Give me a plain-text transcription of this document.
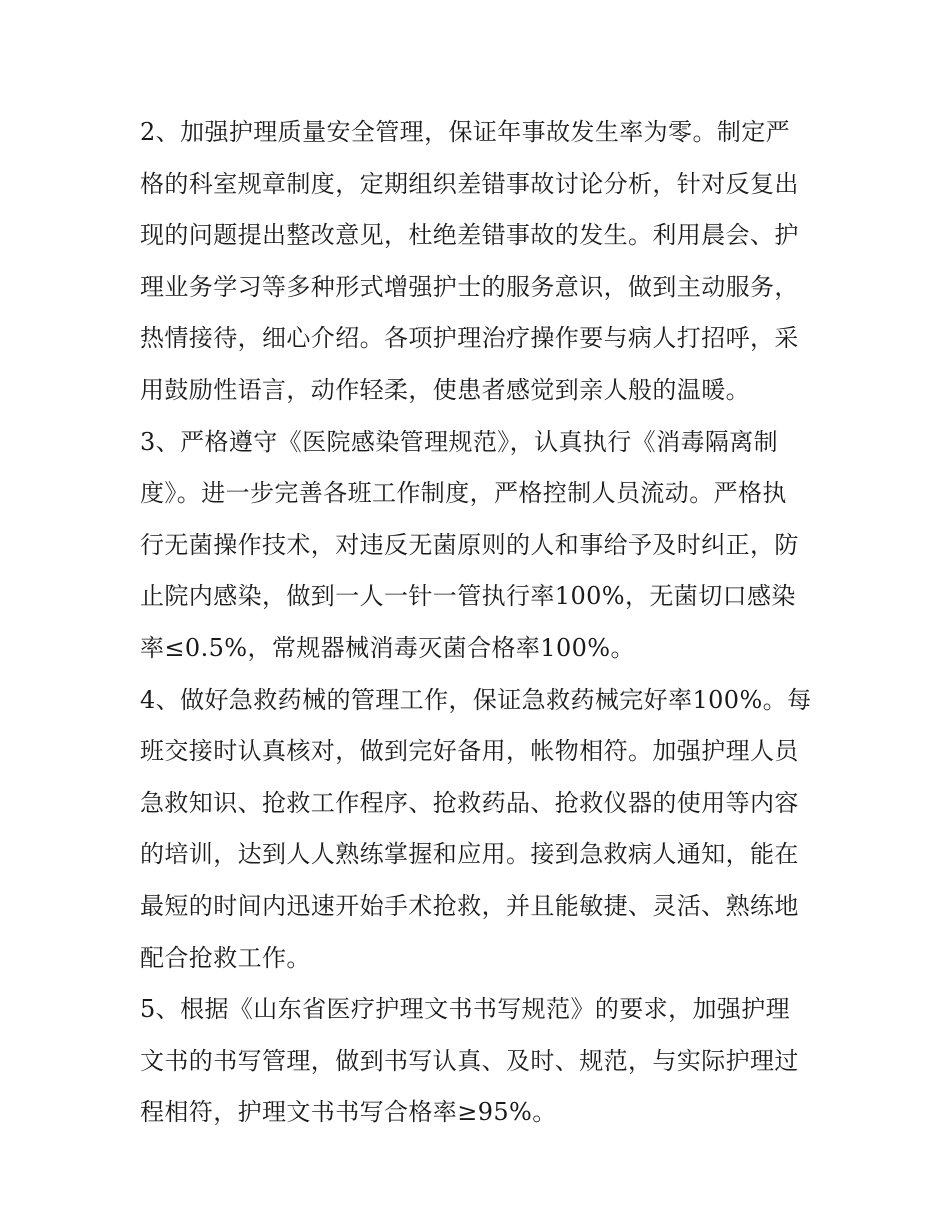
2、加强护理质量安全管理，保证年事故发生率为零。制定严
格的科室规章制度，定期组织差错事故讨论分析，针对反复出
现的问题提出整改意见，杜绝差错事故的发生。利用晨会、护
理业务学习等多种形式增强护士的服务意识，做到主动服务，
热情接待，细心介绍。各项护理治疗操作要与病人打招呼，采
用鼓励性语言，动作轻柔，使患者感觉到亲人般的温暖。
3、严格遵守《医院感染管理规范》，认真执行《消毒隔离制
度》。进一步完善各班工作制度，严格控制人员流动。严格执
行无菌操作技术，对违反无菌原则的人和事给予及时纠正，防
止院内感染，做到一人一针一管执行率100%，无菌切口感染
率≤0.5%，常规器械消毒灭菌合格率100%。
4、做好急救药械的管理工作，保证急救药械完好率100%。每
班交接时认真核对，做到完好备用，帐物相符。加强护理人员
急救知识、抢救工作程序、抢救药品、抢救仪器的使用等内容
的培训，达到人人熟练掌握和应用。接到急救病人通知，能在
最短的时间内迅速开始手术抢救，并且能敏捷、灵活、熟练地
配合抢救工作。
5、根据《山东省医疗护理文书书写规范》的要求，加强护理
文书的书写管理，做到书写认真、及时、规范，与实际护理过
程相符，护理文书书写合格率≥95%。
